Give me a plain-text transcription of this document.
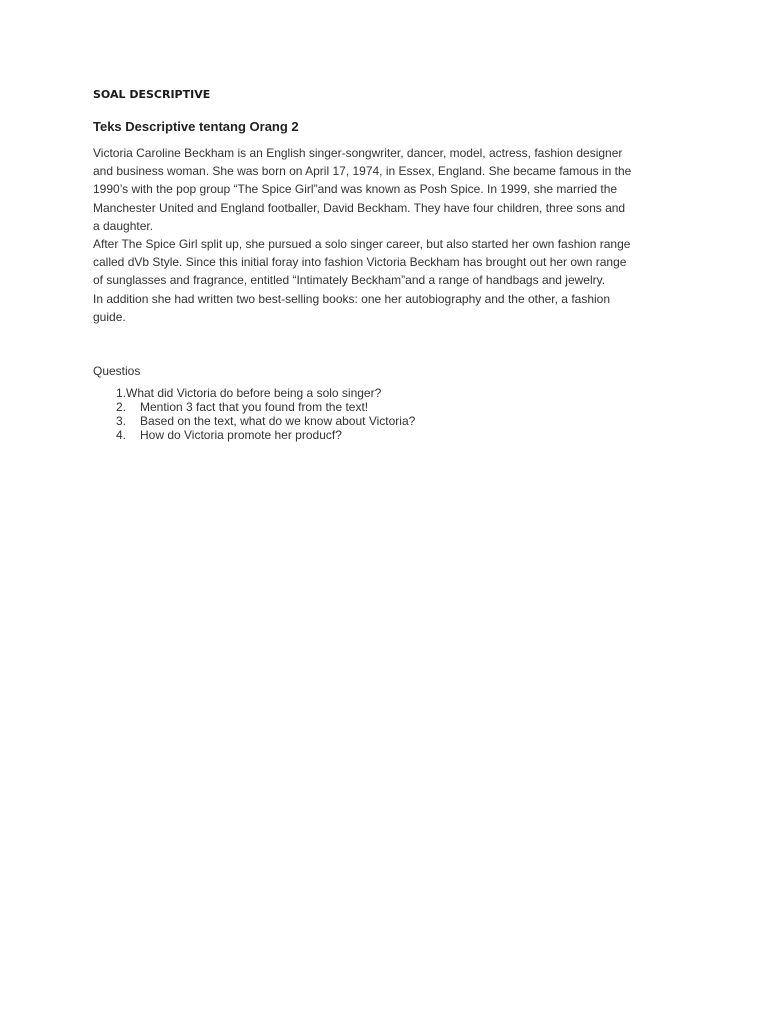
SOAL DESCRIPTIVE
Teks Descriptive tentang Orang 2
Victoria Caroline Beckham is an English singer-songwriter, dancer, model, actress, fashion designer
and business woman. She was born on April 17, 1974, in Essex, England. She became famous in the
1990’s with the pop group “The Spice Girl”and was known as Posh Spice. In 1999, she married the
Manchester United and England footballer, David Beckham. They have four children, three sons and
a daughter.
After The Spice Girl split up, she pursued a solo singer career, but also started her own fashion range
called dVb Style. Since this initial foray into fashion Victoria Beckham has brought out her own range
of sunglasses and fragrance, entitled “Intimately Beckham”and a range of handbags and jewelry.
In addition she had written two best-selling books: one her autobiography and the other, a fashion
guide.

Questios

1. What did Victoria do before being a solo singer?
2. Mention 3 fact that you found from the text!
3. Based on the text, what do we know about Victoria?
4. How do Victoria promote her producf?
